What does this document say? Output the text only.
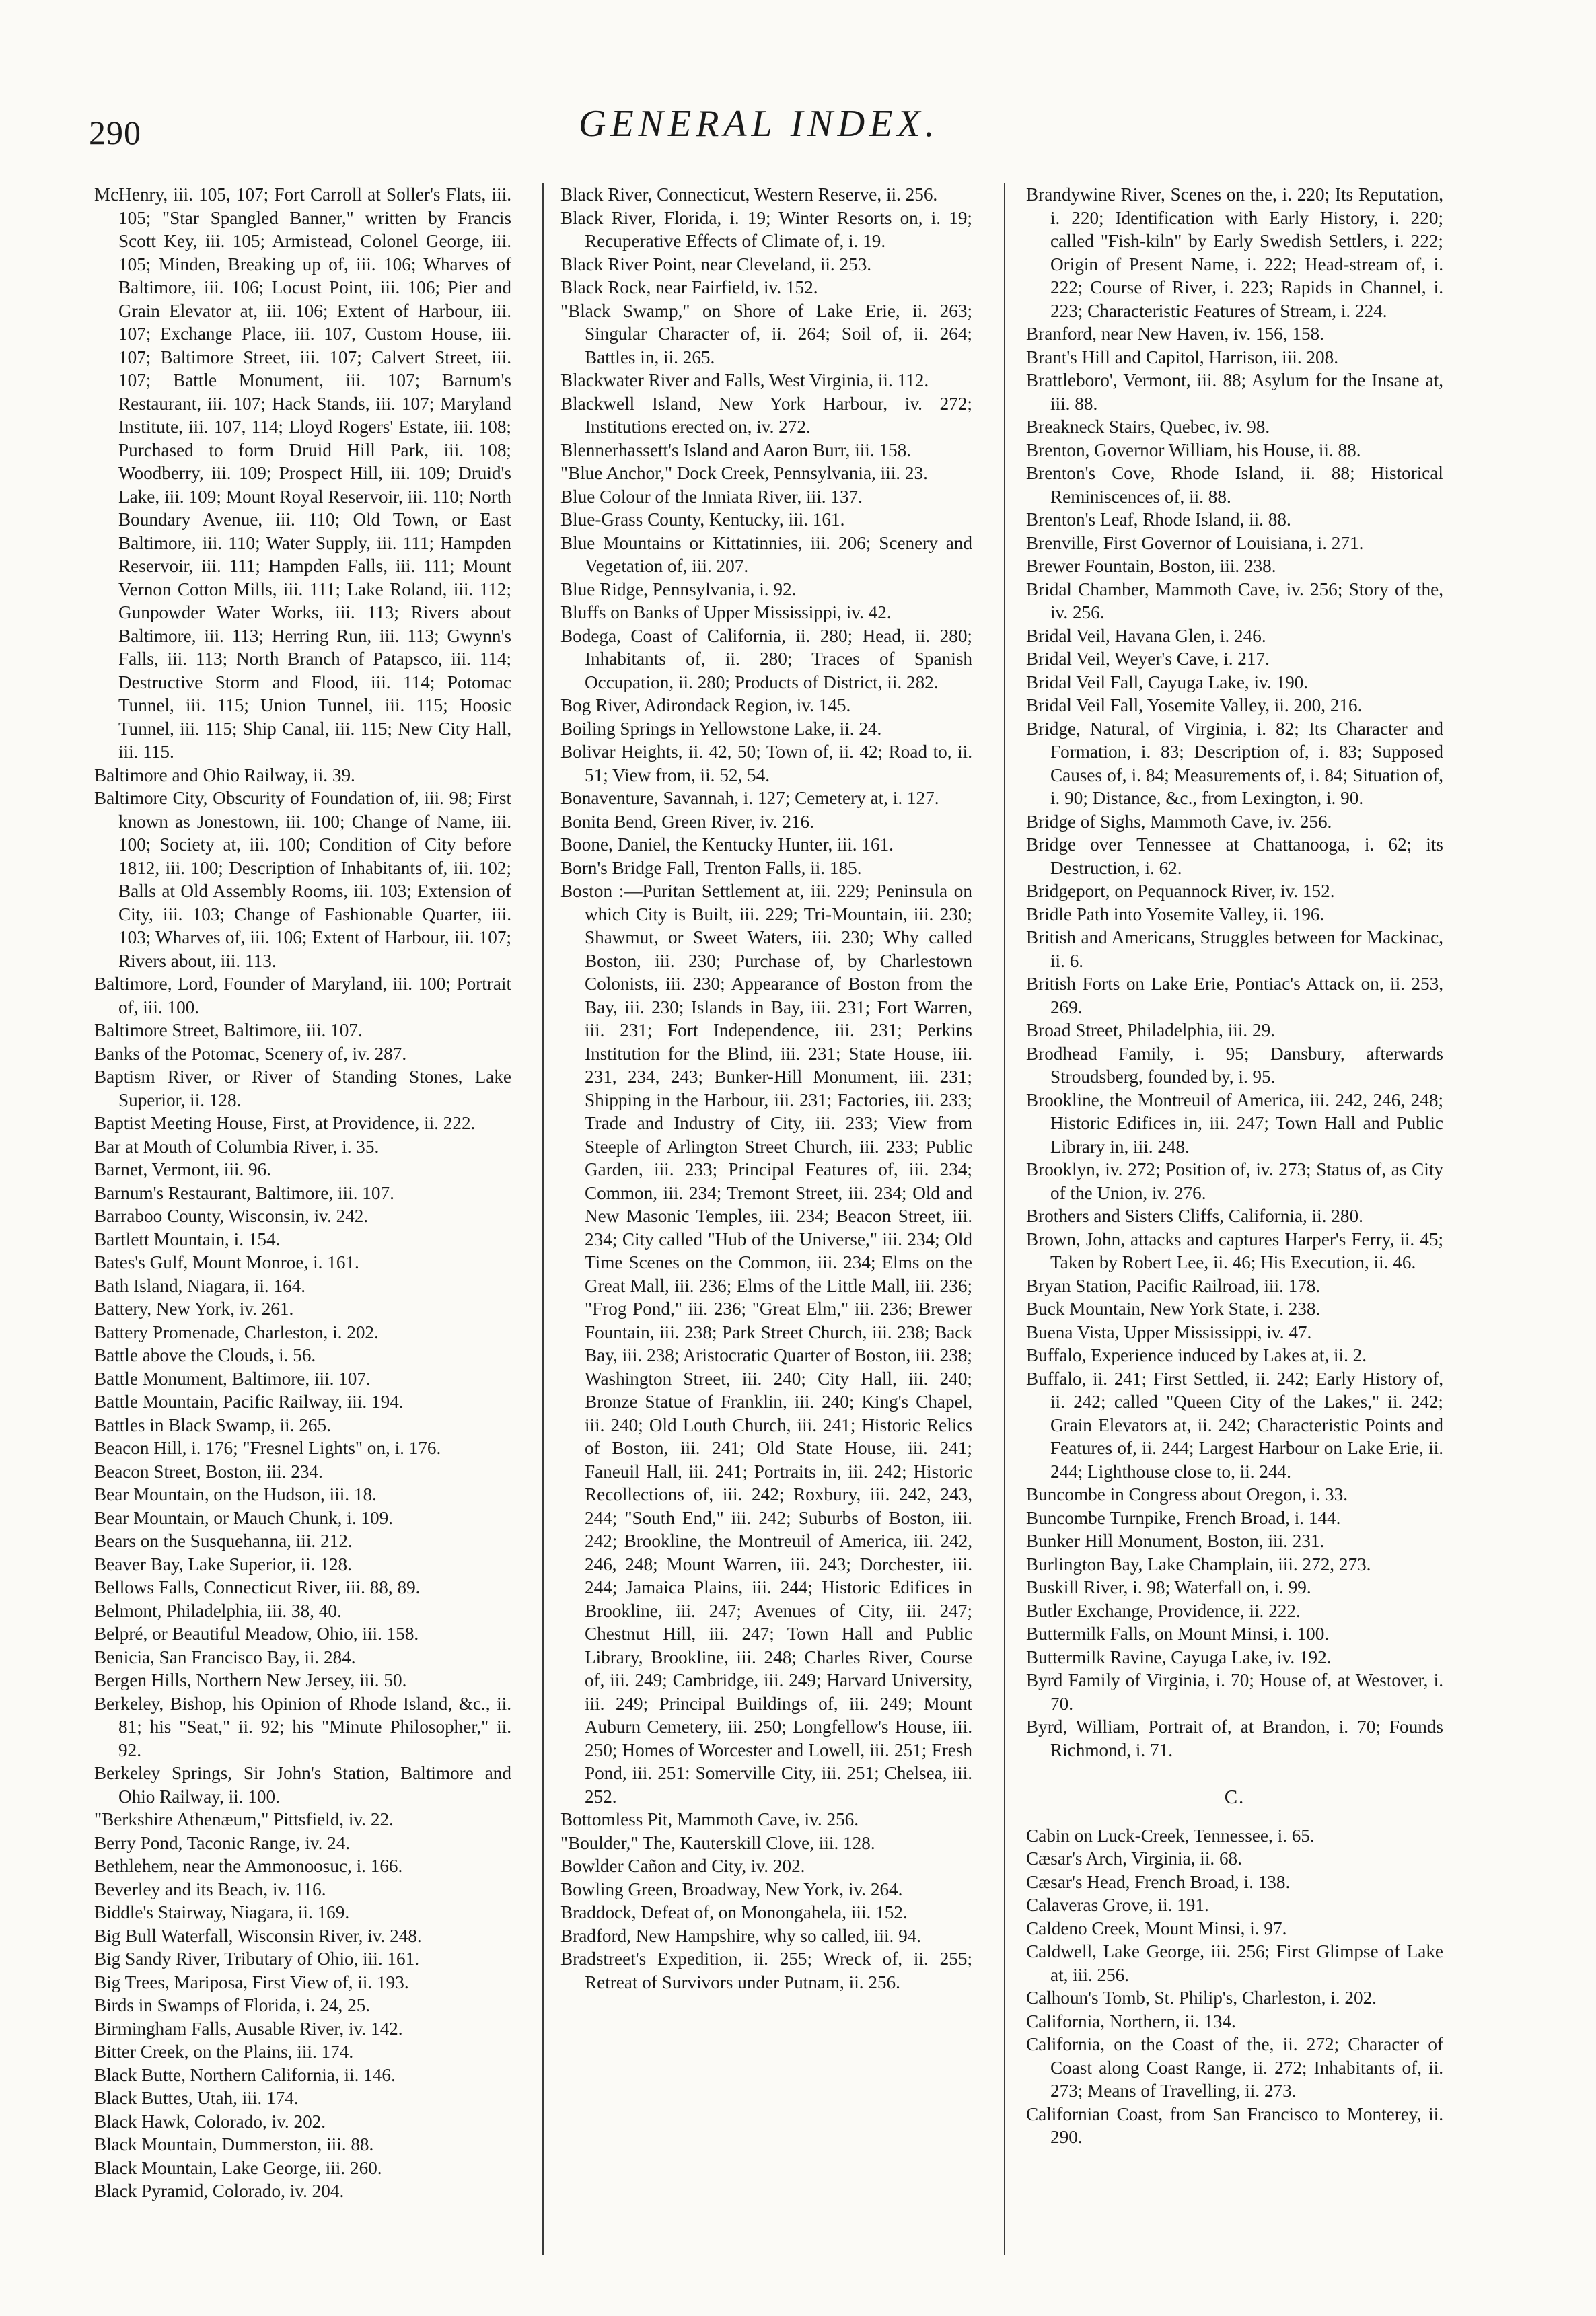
290	GENERAL INDEX.

McHenry, iii. 105, 107; Fort Carroll at Soller's Flats, iii. 105; "Star Spangled Banner," written by Francis Scott Key, iii. 105; Armistead, Colonel George, iii. 105; Minden, Breaking up of, iii. 106; Wharves of Baltimore, iii. 106; Locust Point, iii. 106; Pier and Grain Elevator at, iii. 106; Extent of Harbour, iii. 107; Exchange Place, iii. 107, Custom House, iii. 107; Baltimore Street, iii. 107; Calvert Street, iii. 107; Battle Monument, iii. 107; Barnum's Restaurant, iii. 107; Hack Stands, iii. 107; Maryland Institute, iii. 107, 114; Lloyd Rogers' Estate, iii. 108; Purchased to form Druid Hill Park, iii. 108; Woodberry, iii. 109; Prospect Hill, iii. 109; Druid's Lake, iii. 109; Mount Royal Reservoir, iii. 110; North Boundary Avenue, iii. 110; Old Town, or East Baltimore, iii. 110; Water Supply, iii. 111; Hampden Reservoir, iii. 111; Hampden Falls, iii. 111; Mount Vernon Cotton Mills, iii. 111; Lake Roland, iii. 112; Gunpowder Water Works, iii. 113; Rivers about Baltimore, iii. 113; Herring Run, iii. 113; Gwynn's Falls, iii. 113; North Branch of Patapsco, iii. 114; Destructive Storm and Flood, iii. 114; Potomac Tunnel, iii. 115; Union Tunnel, iii. 115; Hoosic Tunnel, iii. 115; Ship Canal, iii. 115; New City Hall, iii. 115.

Baltimore and Ohio Railway, ii. 39.

Baltimore City, Obscurity of Foundation of, iii. 98; First known as Jonestown, iii. 100; Change of Name, iii. 100; Society at, iii. 100; Condition of City before 1812, iii. 100; Description of Inhabitants of, iii. 102; Balls at Old Assembly Rooms, iii. 103; Extension of City, iii. 103; Change of Fashionable Quarter, iii. 103; Wharves of, iii. 106; Extent of Harbour, iii. 107; Rivers about, iii. 113.

Baltimore, Lord, Founder of Maryland, iii. 100; Portrait of, iii. 100.

Baltimore Street, Baltimore, iii. 107.

Banks of the Potomac, Scenery of, iv. 287.

Baptism River, or River of Standing Stones, Lake Superior, ii. 128.

Baptist Meeting House, First, at Providence, ii. 222.

Bar at Mouth of Columbia River, i. 35.

Barnet, Vermont, iii. 96.

Barnum's Restaurant, Baltimore, iii. 107.

Barraboo County, Wisconsin, iv. 242.

Bartlett Mountain, i. 154.

Bates's Gulf, Mount Monroe, i. 161.

Bath Island, Niagara, ii. 164.

Battery, New York, iv. 261.

Battery Promenade, Charleston, i. 202.

Battle above the Clouds, i. 56.

Battle Monument, Baltimore, iii. 107.

Battle Mountain, Pacific Railway, iii. 194.

Battles in Black Swamp, ii. 265.

Beacon Hill, i. 176; "Fresnel Lights" on, i. 176.

Beacon Street, Boston, iii. 234.

Bear Mountain, on the Hudson, iii. 18.

Bear Mountain, or Mauch Chunk, i. 109.

Bears on the Susquehanna, iii. 212.

Beaver Bay, Lake Superior, ii. 128.

Bellows Falls, Connecticut River, iii. 88, 89.

Belmont, Philadelphia, iii. 38, 40.

Belpré, or Beautiful Meadow, Ohio, iii. 158.

Benicia, San Francisco Bay, ii. 284.

Bergen Hills, Northern New Jersey, iii. 50.

Berkeley, Bishop, his Opinion of Rhode Island, &c., ii. 81; his "Seat," ii. 92; his "Minute Philosopher," ii. 92.

Berkeley Springs, Sir John's Station, Baltimore and Ohio Railway, ii. 100.

"Berkshire Athenæum," Pittsfield, iv. 22.

Berry Pond, Taconic Range, iv. 24.

Bethlehem, near the Ammonoosuc, i. 166.

Beverley and its Beach, iv. 116.

Biddle's Stairway, Niagara, ii. 169.

Big Bull Waterfall, Wisconsin River, iv. 248.

Big Sandy River, Tributary of Ohio, iii. 161.

Big Trees, Mariposa, First View of, ii. 193.

Birds in Swamps of Florida, i. 24, 25.

Birmingham Falls, Ausable River, iv. 142.

Bitter Creek, on the Plains, iii. 174.

Black Butte, Northern California, ii. 146.

Black Buttes, Utah, iii. 174.

Black Hawk, Colorado, iv. 202.

Black Mountain, Dummerston, iii. 88.

Black Mountain, Lake George, iii. 260.

Black Pyramid, Colorado, iv. 204.

Black River, Connecticut, Western Reserve, ii. 256.

Black River, Florida, i. 19; Winter Resorts on, i. 19; Recuperative Effects of Climate of, i. 19.

Black River Point, near Cleveland, ii. 253.

Black Rock, near Fairfield, iv. 152.

"Black Swamp," on Shore of Lake Erie, ii. 263; Singular Character of, ii. 264; Soil of, ii. 264; Battles in, ii. 265.

Blackwater River and Falls, West Virginia, ii. 112.

Blackwell Island, New York Harbour, iv. 272; Institutions erected on, iv. 272.

Blennerhassett's Island and Aaron Burr, iii. 158.

"Blue Anchor," Dock Creek, Pennsylvania, iii. 23.

Blue Colour of the Inniata River, iii. 137.

Blue-Grass County, Kentucky, iii. 161.

Blue Mountains or Kittatinnies, iii. 206; Scenery and Vegetation of, iii. 207.

Blue Ridge, Pennsylvania, i. 92.

Bluffs on Banks of Upper Mississippi, iv. 42.

Bodega, Coast of California, ii. 280; Head, ii. 280; Inhabitants of, ii. 280; Traces of Spanish Occupation, ii. 280; Products of District, ii. 282.

Bog River, Adirondack Region, iv. 145.

Boiling Springs in Yellowstone Lake, ii. 24.

Bolivar Heights, ii. 42, 50; Town of, ii. 42; Road to, ii. 51; View from, ii. 52, 54.

Bonaventure, Savannah, i. 127; Cemetery at, i. 127.

Bonita Bend, Green River, iv. 216.

Boone, Daniel, the Kentucky Hunter, iii. 161.

Born's Bridge Fall, Trenton Falls, ii. 185.

Boston :—Puritan Settlement at, iii. 229; Peninsula on which City is Built, iii. 229; Tri-Mountain, iii. 230; Shawmut, or Sweet Waters, iii. 230; Why called Boston, iii. 230; Purchase of, by Charlestown Colonists, iii. 230; Appearance of Boston from the Bay, iii. 230; Islands in Bay, iii. 231; Fort Warren, iii. 231; Fort Independence, iii. 231; Perkins Institution for the Blind, iii. 231; State House, iii. 231, 234, 243; Bunker-Hill Monument, iii. 231; Shipping in the Harbour, iii. 231; Factories, iii. 233; Trade and Industry of City, iii. 233; View from Steeple of Arlington Street Church, iii. 233; Public Garden, iii. 233; Principal Features of, iii. 234; Common, iii. 234; Tremont Street, iii. 234; Old and New Masonic Temples, iii. 234; Beacon Street, iii. 234; City called "Hub of the Universe," iii. 234; Old Time Scenes on the Common, iii. 234; Elms on the Great Mall, iii. 236; Elms of the Little Mall, iii. 236; "Frog Pond," iii. 236; "Great Elm," iii. 236; Brewer Fountain, iii. 238; Park Street Church, iii. 238; Back Bay, iii. 238; Aristocratic Quarter of Boston, iii. 238; Washington Street, iii. 240; City Hall, iii. 240; Bronze Statue of Franklin, iii. 240; King's Chapel, iii. 240; Old Louth Church, iii. 241; Historic Relics of Boston, iii. 241; Old State House, iii. 241; Faneuil Hall, iii. 241; Portraits in, iii. 242; Historic Recollections of, iii. 242; Roxbury, iii. 242, 243, 244; "South End," iii. 242; Suburbs of Boston, iii. 242; Brookline, the Montreuil of America, iii. 242, 246, 248; Mount Warren, iii. 243; Dorchester, iii. 244; Jamaica Plains, iii. 244; Historic Edifices in Brookline, iii. 247; Avenues of City, iii. 247; Chestnut Hill, iii. 247; Town Hall and Public Library, Brookline, iii. 248; Charles River, Course of, iii. 249; Cambridge, iii. 249; Harvard University, iii. 249; Principal Buildings of, iii. 249; Mount Auburn Cemetery, iii. 250; Longfellow's House, iii. 250; Homes of Worcester and Lowell, iii. 251; Fresh Pond, iii. 251: Somerville City, iii. 251; Chelsea, iii. 252.

Bottomless Pit, Mammoth Cave, iv. 256.

"Boulder," The, Kauterskill Clove, iii. 128.

Bowlder Cañon and City, iv. 202.

Bowling Green, Broadway, New York, iv. 264.

Braddock, Defeat of, on Monongahela, iii. 152.

Bradford, New Hampshire, why so called, iii. 94.

Bradstreet's Expedition, ii. 255; Wreck of, ii. 255; Retreat of Survivors under Putnam, ii. 256.

Brandywine River, Scenes on the, i. 220; Its Reputation, i. 220; Identification with Early History, i. 220; called "Fish-kiln" by Early Swedish Settlers, i. 222; Origin of Present Name, i. 222; Head-stream of, i. 222; Course of River, i. 223; Rapids in Channel, i. 223; Characteristic Features of Stream, i. 224.

Branford, near New Haven, iv. 156, 158.

Brant's Hill and Capitol, Harrison, iii. 208.

Brattleboro', Vermont, iii. 88; Asylum for the Insane at, iii. 88.

Breakneck Stairs, Quebec, iv. 98.

Brenton, Governor William, his House, ii. 88.

Brenton's Cove, Rhode Island, ii. 88; Historical Reminiscences of, ii. 88.

Brenton's Leaf, Rhode Island, ii. 88.

Brenville, First Governor of Louisiana, i. 271.

Brewer Fountain, Boston, iii. 238.

Bridal Chamber, Mammoth Cave, iv. 256; Story of the, iv. 256.

Bridal Veil, Havana Glen, i. 246.

Bridal Veil, Weyer's Cave, i. 217.

Bridal Veil Fall, Cayuga Lake, iv. 190.

Bridal Veil Fall, Yosemite Valley, ii. 200, 216.

Bridge, Natural, of Virginia, i. 82; Its Character and Formation, i. 83; Description of, i. 83; Supposed Causes of, i. 84; Measurements of, i. 84; Situation of, i. 90; Distance, &c., from Lexington, i. 90.

Bridge of Sighs, Mammoth Cave, iv. 256.

Bridge over Tennessee at Chattanooga, i. 62; its Destruction, i. 62.

Bridgeport, on Pequannock River, iv. 152.

Bridle Path into Yosemite Valley, ii. 196.

British and Americans, Struggles between for Mackinac, ii. 6.

British Forts on Lake Erie, Pontiac's Attack on, ii. 253, 269.

Broad Street, Philadelphia, iii. 29.

Brodhead Family, i. 95; Dansbury, afterwards Stroudsberg, founded by, i. 95.

Brookline, the Montreuil of America, iii. 242, 246, 248; Historic Edifices in, iii. 247; Town Hall and Public Library in, iii. 248.

Brooklyn, iv. 272; Position of, iv. 273; Status of, as City of the Union, iv. 276.

Brothers and Sisters Cliffs, California, ii. 280.

Brown, John, attacks and captures Harper's Ferry, ii. 45; Taken by Robert Lee, ii. 46; His Execution, ii. 46.

Bryan Station, Pacific Railroad, iii. 178.

Buck Mountain, New York State, i. 238.

Buena Vista, Upper Mississippi, iv. 47.

Buffalo, Experience induced by Lakes at, ii. 2.

Buffalo, ii. 241; First Settled, ii. 242; Early History of, ii. 242; called "Queen City of the Lakes," ii. 242; Grain Elevators at, ii. 242; Characteristic Points and Features of, ii. 244; Largest Harbour on Lake Erie, ii. 244; Lighthouse close to, ii. 244.

Buncombe in Congress about Oregon, i. 33.

Buncombe Turnpike, French Broad, i. 144.

Bunker Hill Monument, Boston, iii. 231.

Burlington Bay, Lake Champlain, iii. 272, 273.

Buskill River, i. 98; Waterfall on, i. 99.

Butler Exchange, Providence, ii. 222.

Buttermilk Falls, on Mount Minsi, i. 100.

Buttermilk Ravine, Cayuga Lake, iv. 192.

Byrd Family of Virginia, i. 70; House of, at Westover, i. 70.

Byrd, William, Portrait of, at Brandon, i. 70; Founds Richmond, i. 71.

C.

Cabin on Luck-Creek, Tennessee, i. 65.

Cæsar's Arch, Virginia, ii. 68.

Cæsar's Head, French Broad, i. 138.

Calaveras Grove, ii. 191.

Caldeno Creek, Mount Minsi, i. 97.

Caldwell, Lake George, iii. 256; First Glimpse of Lake at, iii. 256.

Calhoun's Tomb, St. Philip's, Charleston, i. 202.

California, Northern, ii. 134.

California, on the Coast of the, ii. 272; Character of Coast along Coast Range, ii. 272; Inhabitants of, ii. 273; Means of Travelling, ii. 273.

Californian Coast, from San Francisco to Monterey, ii. 290.
